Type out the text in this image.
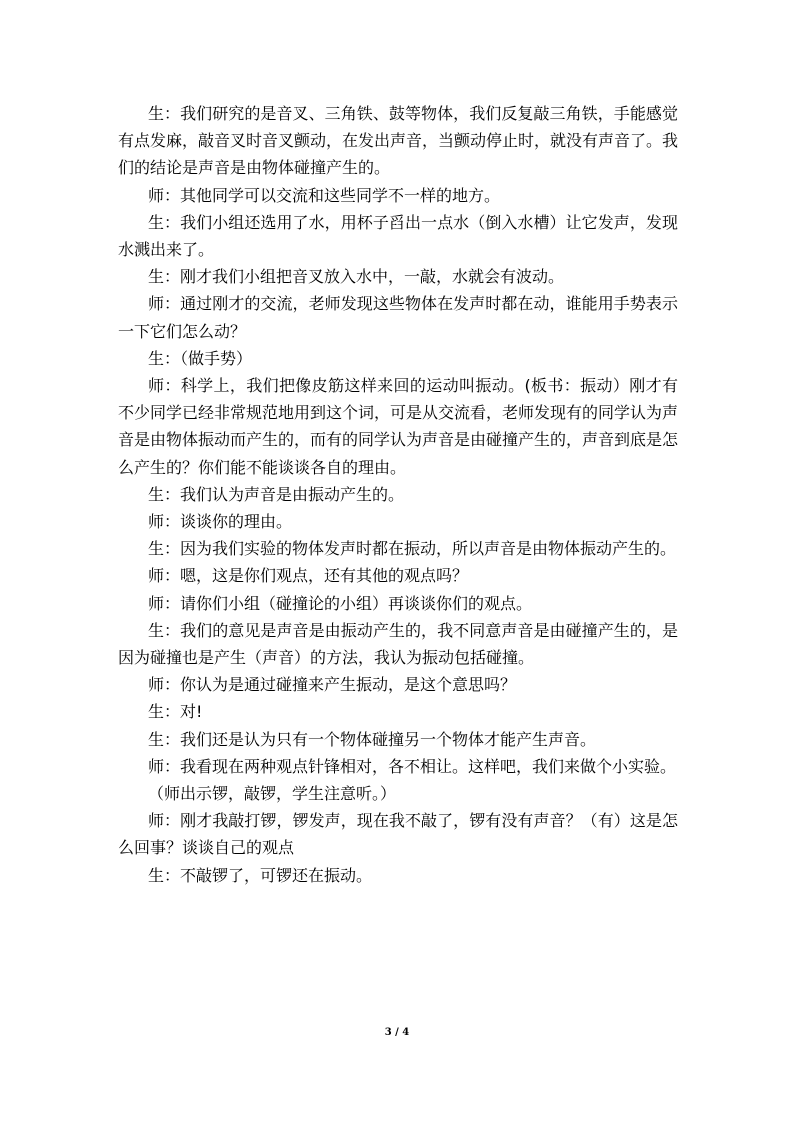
生：我们研究的是音叉、三角铁、鼓等物体，我们反复敲三角铁，手能感觉有点发麻，敲音叉时音叉颤动，在发出声音，当颤动停止时，就没有声音了。我们的结论是声音是由物体碰撞产生的。

师：其他同学可以交流和这些同学不一样的地方。

生：我们小组还选用了水，用杯子舀出一点水（倒入水槽）让它发声，发现水溅出来了。

生：刚才我们小组把音叉放入水中，一敲，水就会有波动。

师：通过刚才的交流，老师发现这些物体在发声时都在动，谁能用手势表示一下它们怎么动？

生：（做手势）

师：科学上，我们把像皮筋这样来回的运动叫振动。(板书：振动）刚才有不少同学已经非常规范地用到这个词，可是从交流看，老师发现有的同学认为声音是由物体振动而产生的，而有的同学认为声音是由碰撞产生的，声音到底是怎么产生的？你们能不能谈谈各自的理由。

生：我们认为声音是由振动产生的。

师：谈谈你的理由。

生：因为我们实验的物体发声时都在振动，所以声音是由物体振动产生的。

师：嗯，这是你们观点，还有其他的观点吗？

师：请你们小组（碰撞论的小组）再谈谈你们的观点。

生：我们的意见是声音是由振动产生的，我不同意声音是由碰撞产生的，是因为碰撞也是产生（声音）的方法，我认为振动包括碰撞。

师：你认为是通过碰撞来产生振动，是这个意思吗？

生：对!

生：我们还是认为只有一个物体碰撞另一个物体才能产生声音。

师：我看现在两种观点针锋相对，各不相让。这样吧，我们来做个小实验。

（师出示锣，敲锣，学生注意听。）

师：刚才我敲打锣，锣发声，现在我不敲了，锣有没有声音？（有）这是怎么回事？谈谈自己的观点

生：不敲锣了，可锣还在振动。

3 / 4
